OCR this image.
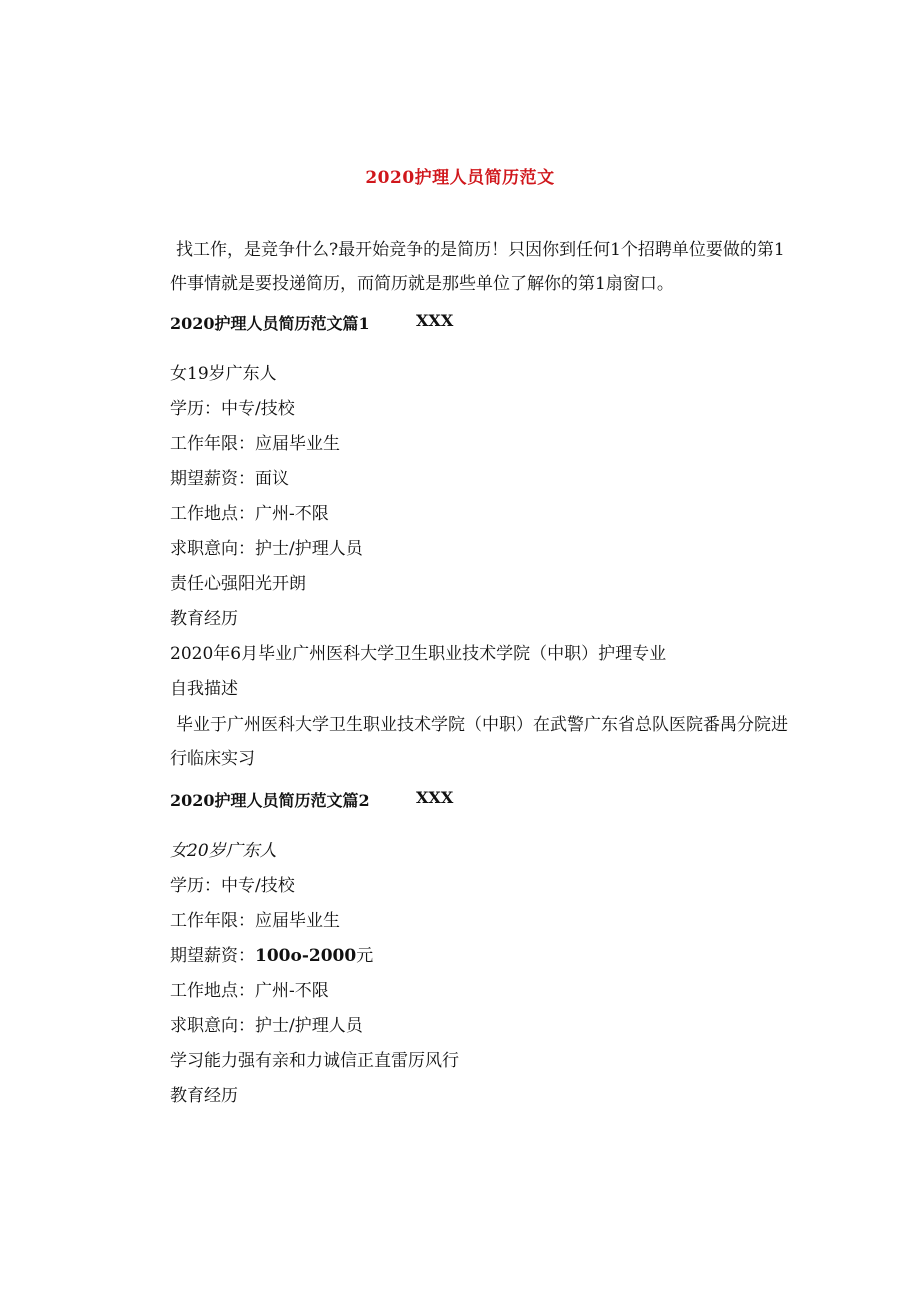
2020护理人员简历范文
找工作，是竞争什么?最开始竞争的是简历！只因你到任何1个招聘单位要做的第1件事情就是要投递简历，而简历就是那些单位了解你的第1扇窗口。
2020护理人员简历范文篇1	XXX
女19岁广东人
学历：中专/技校
工作年限：应届毕业生
期望薪资：面议
工作地点：广州-不限
求职意向：护士/护理人员
责任心强阳光开朗
教育经历
2020年6月毕业广州医科大学卫生职业技术学院（中职）护理专业
自我描述
毕业于广州医科大学卫生职业技术学院（中职）在武警广东省总队医院番禺分院进行临床实习
2020护理人员简历范文篇2	XXX
女20岁广东人
学历：中专/技校
工作年限：应届毕业生
期望薪资：100o-2000元
工作地点：广州-不限
求职意向：护士/护理人员
学习能力强有亲和力诚信正直雷厉风行
教育经历
